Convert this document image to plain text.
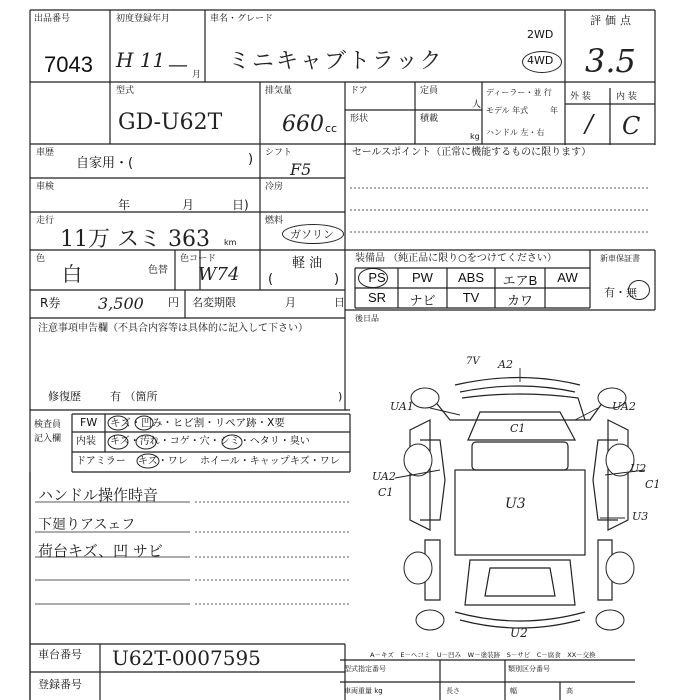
出品番号
7043
初度登録年月
H 11 — 月
車名・グレード
ミニキャブトラック
2WD
4WD
評価点
3.5
型式
GD-U62T
排気量
660 cc
ドア	定員
人
形状	積載
kg
ディーラー・並 行
モデル 年式	年
ハンドル 左・右
外 装	内 装
/ C
車歴
自家用・(	) シフト
F5
セールスポイント（正常に機能するものに限ります）
車検
年	月	日)
冷房
走行
11万 スミ 363 km
燃料
ガソリン
軽 油
(	)
色
白	色替
色コード
W74
装備品 （純正品に限り○をつけてください）	新車保証書
PS	PW	ABS	エアB	AW
SR	ナビ	TV	カワ
有・無
後日品
R券 3,500 円 名変期限	月	日
注意事項申告欄（不具合内容等は具体的に記入して下さい）
修復歴	有 （箇所	)
検査員
記入欄
FW キズ・凹み・ヒビ割・リペア跡・X要
内装 キズ・汚れ・コゲ・穴・シミ・ヘタリ・臭い
ドアミラー キズ・ワレ ホイール・キャップ キズ・ワレ
ハンドル操作時音
下廻りアスェフ
荷台キズ、凹 サビ
A2
7V
UA1	UA2
C1
UA2
C1
U2
C1
U3
U3
U2
車台番号 U62T-0007595
登録番号
A－キズ　E－ヘコミ　U－凹み　W－塗装跡　S－サビ　C－腐食　XX－交換
型式指定番号	類別区分番号
車両重量 kg	長さ	幅	高
